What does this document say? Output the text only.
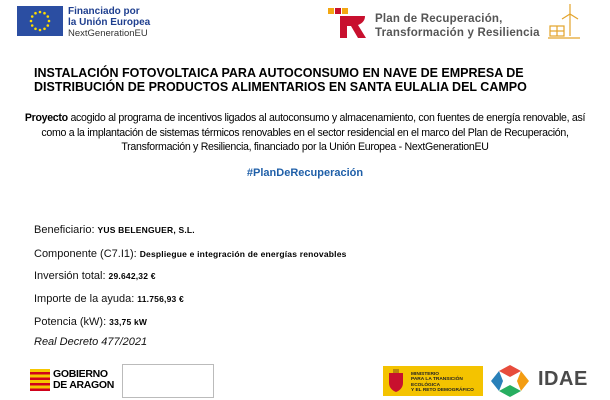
Financiado por
la Unión Europea
NextGenerationEU
Plan de Recuperación,
Transformación y Resiliencia
INSTALACIÓN FOTOVOLTAICA PARA AUTOCONSUMO EN NAVE DE EMPRESA DE DISTRIBUCIÓN DE PRODUCTOS ALIMENTARIOS EN SANTA EULALIA DEL CAMPO
Proyecto acogido al programa de incentivos ligados al autoconsumo y almacenamiento, con fuentes de energía renovable, así como a la implantación de sistemas térmicos renovables en el sector residencial en el marco del Plan de Recuperación, Transformación y Resiliencia, financiado por la Unión Europea - NextGenerationEU
#PlanDeRecuperación
Beneficiario: YUS BELENGUER, S.L.
Componente (C7.I1): Despliegue e integración de energías renovables
Inversión total: 29.642,32 €
Importe de la ayuda: 11.756,93 €
Potencia (kW): 33,75 kW
Real Decreto 477/2021
GOBIERNO
DE ARAGON
MINISTERIO
PARA LA TRANSICIÓN ECOLÓGICA
Y EL RETO DEMOGRÁFICO
IDAE
